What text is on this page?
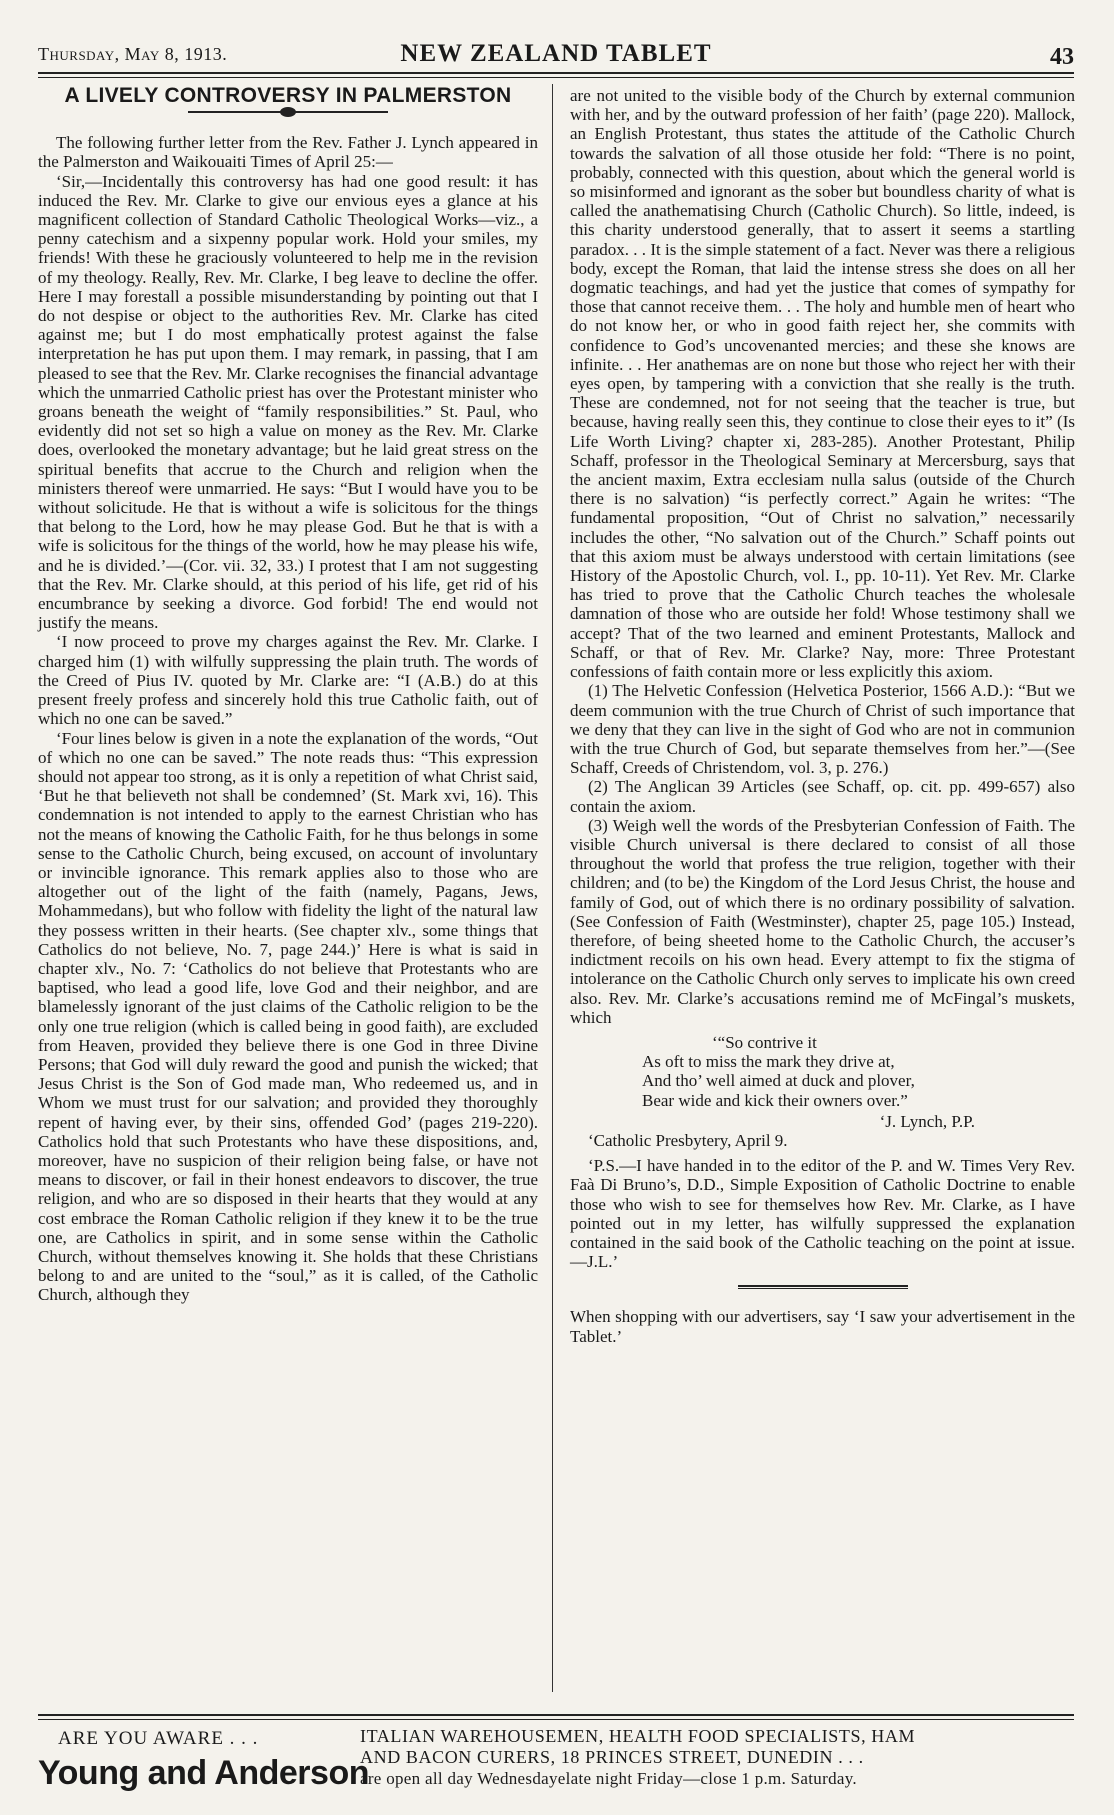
Thursday, May 8, 1913.	NEW ZEALAND TABLET	43

A LIVELY CONTROVERSY IN PALMERSTON

The following further letter from the Rev. Father J. Lynch appeared in the Palmerston and Waikouaiti Times of April 25:—

‘Sir,—Incidentally this controversy has had one good result: it has induced the Rev. Mr. Clarke to give our envious eyes a glance at his magnificent collection of Standard Catholic Theological Works—viz., a penny catechism and a sixpenny popular work. Hold your smiles, my friends! With these he graciously volunteered to help me in the revision of my theology. Really, Rev. Mr. Clarke, I beg leave to decline the offer. Here I may forestall a possible misunderstanding by pointing out that I do not despise or object to the authorities Rev. Mr. Clarke has cited against me; but I do most emphatically protest against the false interpretation he has put upon them. I may remark, in passing, that I am pleased to see that the Rev. Mr. Clarke recognises the financial advantage which the unmarried Catholic priest has over the Protestant minister who groans beneath the weight of “family responsibilities.” St. Paul, who evidently did not set so high a value on money as the Rev. Mr. Clarke does, overlooked the monetary advantage; but he laid great stress on the spiritual benefits that accrue to the Church and religion when the ministers thereof were unmarried. He says: “But I would have you to be without solicitude. He that is without a wife is solicitous for the things that belong to the Lord, how he may please God. But he that is with a wife is solicitous for the things of the world, how he may please his wife, and he is divided.’—(Cor. vii. 32, 33.) I protest that I am not suggesting that the Rev. Mr. Clarke should, at this period of his life, get rid of his encumbrance by seeking a divorce. God forbid! The end would not justify the means.

‘I now proceed to prove my charges against the Rev. Mr. Clarke. I charged him (1) with wilfully suppressing the plain truth. The words of the Creed of Pius IV. quoted by Mr. Clarke are: “I (A.B.) do at this present freely profess and sincerely hold this true Catholic faith, out of which no one can be saved.”

‘Four lines below is given in a note the explanation of the words, “Out of which no one can be saved.” The note reads thus: “This expression should not appear too strong, as it is only a repetition of what Christ said, ‘But he that believeth not shall be condemned’ (St. Mark xvi, 16). This condemnation is not intended to apply to the earnest Christian who has not the means of knowing the Catholic Faith, for he thus belongs in some sense to the Catholic Church, being excused, on account of involuntary or invincible ignorance. This remark applies also to those who are altogether out of the light of the faith (namely, Pagans, Jews, Mohammedans), but who follow with fidelity the light of the natural law they possess written in their hearts. (See chapter xlv., some things that Catholics do not believe, No. 7, page 244.)’ Here is what is said in chapter xlv., No. 7: ‘Catholics do not believe that Protestants who are baptised, who lead a good life, love God and their neighbor, and are blamelessly ignorant of the just claims of the Catholic religion to be the only one true religion (which is called being in good faith), are excluded from Heaven, provided they believe there is one God in three Divine Persons; that God will duly reward the good and punish the wicked; that Jesus Christ is the Son of God made man, Who redeemed us, and in Whom we must trust for our salvation; and provided they thoroughly repent of having ever, by their sins, offended God’ (pages 219-220). Catholics hold that such Protestants who have these dispositions, and, moreover, have no suspicion of their religion being false, or have not means to discover, or fail in their honest endeavors to discover, the true religion, and who are so disposed in their hearts that they would at any cost embrace the Roman Catholic religion if they knew it to be the true one, are Catholics in spirit, and in some sense within the Catholic Church, without themselves knowing it. She holds that these Christians belong to and are united to the “soul,” as it is called, of the Catholic Church, although they

are not united to the visible body of the Church by external communion with her, and by the outward profession of her faith’ (page 220). Mallock, an English Protestant, thus states the attitude of the Catholic Church towards the salvation of all those otuside her fold: “There is no point, probably, connected with this question, about which the general world is so misinformed and ignorant as the sober but boundless charity of what is called the anathematising Church (Catholic Church). So little, indeed, is this charity understood generally, that to assert it seems a startling paradox. . . It is the simple statement of a fact. Never was there a religious body, except the Roman, that laid the intense stress she does on all her dogmatic teachings, and had yet the justice that comes of sympathy for those that cannot receive them. . . The holy and humble men of heart who do not know her, or who in good faith reject her, she commits with confidence to God’s uncovenanted mercies; and these she knows are infinite. . . Her anathemas are on none but those who reject her with their eyes open, by tampering with a conviction that she really is the truth. These are condemned, not for not seeing that the teacher is true, but because, having really seen this, they continue to close their eyes to it” (Is Life Worth Living? chapter xi, 283-285). Another Protestant, Philip Schaff, professor in the Theological Seminary at Mercersburg, says that the ancient maxim, Extra ecclesiam nulla salus (outside of the Church there is no salvation) “is perfectly correct.” Again he writes: “The fundamental proposition, “Out of Christ no salvation,” necessarily includes the other, “No salvation out of the Church.” Schaff points out that this axiom must be always understood with certain limitations (see History of the Apostolic Church, vol. I., pp. 10-11). Yet Rev. Mr. Clarke has tried to prove that the Catholic Church teaches the wholesale damnation of those who are outside her fold! Whose testimony shall we accept? That of the two learned and eminent Protestants, Mallock and Schaff, or that of Rev. Mr. Clarke? Nay, more: Three Protestant confessions of faith contain more or less explicitly this axiom.

(1) The Helvetic Confession (Helvetica Posterior, 1566 A.D.): “But we deem communion with the true Church of Christ of such importance that we deny that they can live in the sight of God who are not in communion with the true Church of God, but separate themselves from her.”—(See Schaff, Creeds of Christendom, vol. 3, p. 276.)

(2) The Anglican 39 Articles (see Schaff, op. cit. pp. 499-657) also contain the axiom.

(3) Weigh well the words of the Presbyterian Confession of Faith. The visible Church universal is there declared to consist of all those throughout the world that profess the true religion, together with their children; and (to be) the Kingdom of the Lord Jesus Christ, the house and family of God, out of which there is no ordinary possibility of salvation. (See Confession of Faith (Westminster), chapter 25, page 105.) Instead, therefore, of being sheeted home to the Catholic Church, the accuser’s indictment recoils on his own head. Every attempt to fix the stigma of intolerance on the Catholic Church only serves to implicate his own creed also. Rev. Mr. Clarke’s accusations remind me of McFingal’s muskets, which

‘“So contrive it
As oft to miss the mark they drive at,
And tho’ well aimed at duck and plover,
Bear wide and kick their owners over.”

‘J. Lynch, P.P.

‘Catholic Presbytery, April 9.

‘P.S.—I have handed in to the editor of the P. and W. Times Very Rev. Faà Di Bruno’s, D.D., Simple Exposition of Catholic Doctrine to enable those who wish to see for themselves how Rev. Mr. Clarke, as I have pointed out in my letter, has wilfully suppressed the explanation contained in the said book of the Catholic teaching on the point at issue.—J.L.’

When shopping with our advertisers, say ‘I saw your advertisement in the Tablet.’

ARE YOU AWARE . . .
Young and Anderson
ITALIAN WAREHOUSEMEN, HEALTH FOOD SPECIALISTS, HAM
AND BACON CURERS, 18 PRINCES STREET, DUNEDIN . . .
are open all day Wednesdayelate night Friday—close 1 p.m. Saturday.
